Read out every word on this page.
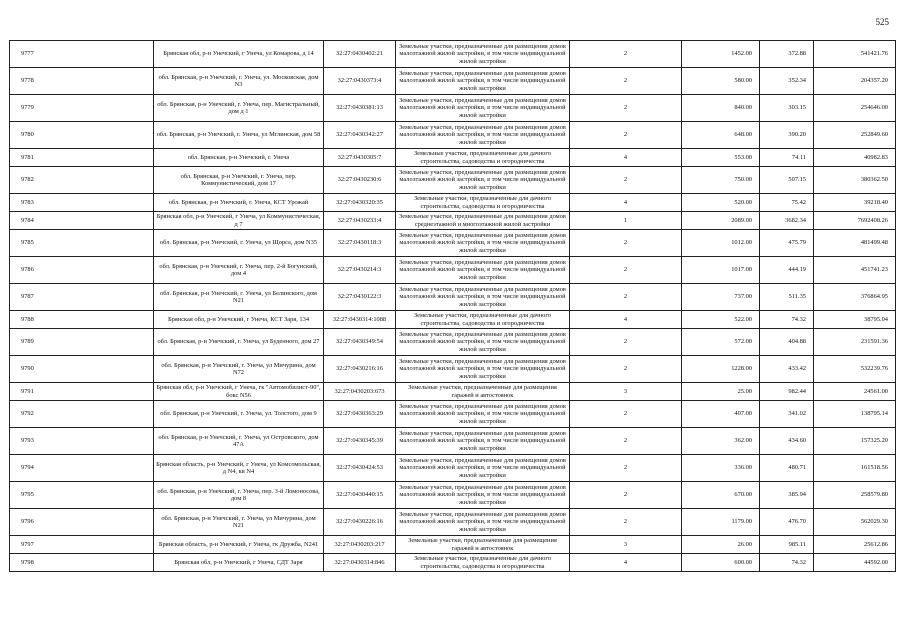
525
9777	Брянская обл, р-н Унечский, г Унеча, ул Комарова, д 14	32:27:0430402:21	Земельные участки, предназначенные для размещения домов малоэтажной жилой застройки, в том числе индивидуальной жилой застройки	2	1452.00	372.88	541421.76
9778	обл. Брянская, р-н Унечский, г. Унеча, ул. Московская, дом N3	32:27:0430373:4	Земельные участки, предназначенные для размещения домов малоэтажной жилой застройки, в том числе индивидуальной жилой застройки	2	580.00	352.34	204357.20
9779	обл. Брянская, р-н Унечский, г. Унеча, пер. Магистральный, дом д 1	32:27:0430381:13	Земельные участки, предназначенные для размещения домов малоэтажной жилой застройки, в том числе индивидуальной жилой застройки	2	840.00	303.15	254646.00
9780	обл. Брянская, р-н Унечский, г. Унеча, ул Мглинская, дом 58	32:27:0430342:27	Земельные участки, предназначенные для размещения домов малоэтажной жилой застройки, в том числе индивидуальной жилой застройки	2	648.00	390.20	252849.60
9781	обл. Брянская, р-н Унечский, г. Унеча	32:27:0430305:7	Земельные участки, предназначенные для дачного строительства, садоводства и огородничества	4	553.00	74.11	40982.83
9782	обл. Брянская, р-н Унечский, г. Унеча, пер. Коммунистический, дом 17	32:27:0430230:6	Земельные участки, предназначенные для размещения домов малоэтажной жилой застройки, в том числе индивидуальной жилой застройки	2	750.00	507.15	380362.50
9783	обл. Брянская, р-н Унечский, г. Унеча, КСТ Урожай	32:27:0430320:35	Земельные участки, предназначенные для дачного строительства, садоводства и огородничества	4	520.00	75.42	39218.40
9784	Брянская обл, р-н Унечский, г Унеча, ул Коммунистическая, д 7	32:27:0430233:4	Земельные участки, предназначенные для размещения домов среднеэтажной и многоэтажной жилой застройки	1	2089.00	3682.34	7692408.26
9785	обл. Брянская, р-н Унечский, г. Унеча, ул Щорса, дом N35	32:27:0430118:3	Земельные участки, предназначенные для размещения домов малоэтажной жилой застройки, в том числе индивидуальной жилой застройки	2	1012.00	475.79	481499.48
9786	обл. Брянская, р-н Унечский, г. Унеча, пер. 2-й Богунский, дом 4	32:27:0430214:3	Земельные участки, предназначенные для размещения домов малоэтажной жилой застройки, в том числе индивидуальной жилой застройки	2	1017.00	444.19	451741.23
9787	обл. Брянская, р-н Унечский, г. Унеча, ул Белинского, дом N21	32:27:0430122:3	Земельные участки, предназначенные для размещения домов малоэтажной жилой застройки, в том числе индивидуальной жилой застройки	2	737.00	511.35	376864.95
9788	Брянская обл, р-н Унечский, г Унеча, КСТ Заря, 134	32:27:0430314:1088	Земельные участки, предназначенные для дачного строительства, садоводства и огородничества	4	522.00	74.32	38795.04
9789	обл. Брянская, р-н Унечский, г. Унеча, ул Буденного, дом 27	32:27:0430349:54	Земельные участки, предназначенные для размещения домов малоэтажной жилой застройки, в том числе индивидуальной жилой застройки	2	572.00	404.88	231591.36
9790	обл. Брянская, р-н Унечский, г. Унеча, ул Мичурина, дом N72	32:27:0430216:16	Земельные участки, предназначенные для размещения домов малоэтажной жилой застройки, в том числе индивидуальной жилой застройки	2	1228.00	433.42	532239.76
9791	Брянская обл, р-н Унечский, г Унеча, гк "Автомобилист-90", бокс N56	32:27:0430203:673	Земельные участки, предназначенные для размещения гаражей и автостоянок	3	25.00	982.44	24561.00
9792	обл. Брянская, р-н Унечский, г. Унеча, ул. Толстого, дом 9	32:27:0430363:29	Земельные участки, предназначенные для размещения домов малоэтажной жилой застройки, в том числе индивидуальной жилой застройки	2	407.00	341.02	138795.14
9793	обл. Брянская, р-н Унечский, г. Унеча, ул Островского, дом 47А	32:27:0430345:39	Земельные участки, предназначенные для размещения домов малоэтажной жилой застройки, в том числе индивидуальной жилой застройки	2	362.00	434.60	157325.20
9794	Брянская область, р-н Унечский, г Унеча, ул Комсомольская, д N4, кв N4	32:27:0430424:53	Земельные участки, предназначенные для размещения домов малоэтажной жилой застройки, в том числе индивидуальной жилой застройки	2	336.00	480.71	161518.56
9795	обл. Брянская, р-н Унечский, г. Унеча, пер. 3-й Ломоносова, дом 8	32:27:0430440:15	Земельные участки, предназначенные для размещения домов малоэтажной жилой застройки, в том числе индивидуальной жилой застройки	2	670.00	385.94	258579.80
9796	обл. Брянская, р-н Унечский, г. Унеча, ул Мичурина, дом N21	32:27:0430226:16	Земельные участки, предназначенные для размещения домов малоэтажной жилой застройки, в том числе индивидуальной жилой застройки	2	1179.00	476.70	562029.30
9797	Брянская область, р-н Унечский, г Унеча, гк Дружба, N241	32:27:0430203:217	Земельные участки, предназначенные для размещения гаражей и автостоянок	3	26.00	985.11	25612.86
9798	Брянская обл, р-н Унечский, г Унеча, СДТ Заря	32:27:0430314:846	Земельные участки, предназначенные для дачного строительства, садоводства и огородничества	4	600.00	74.32	44592.00
